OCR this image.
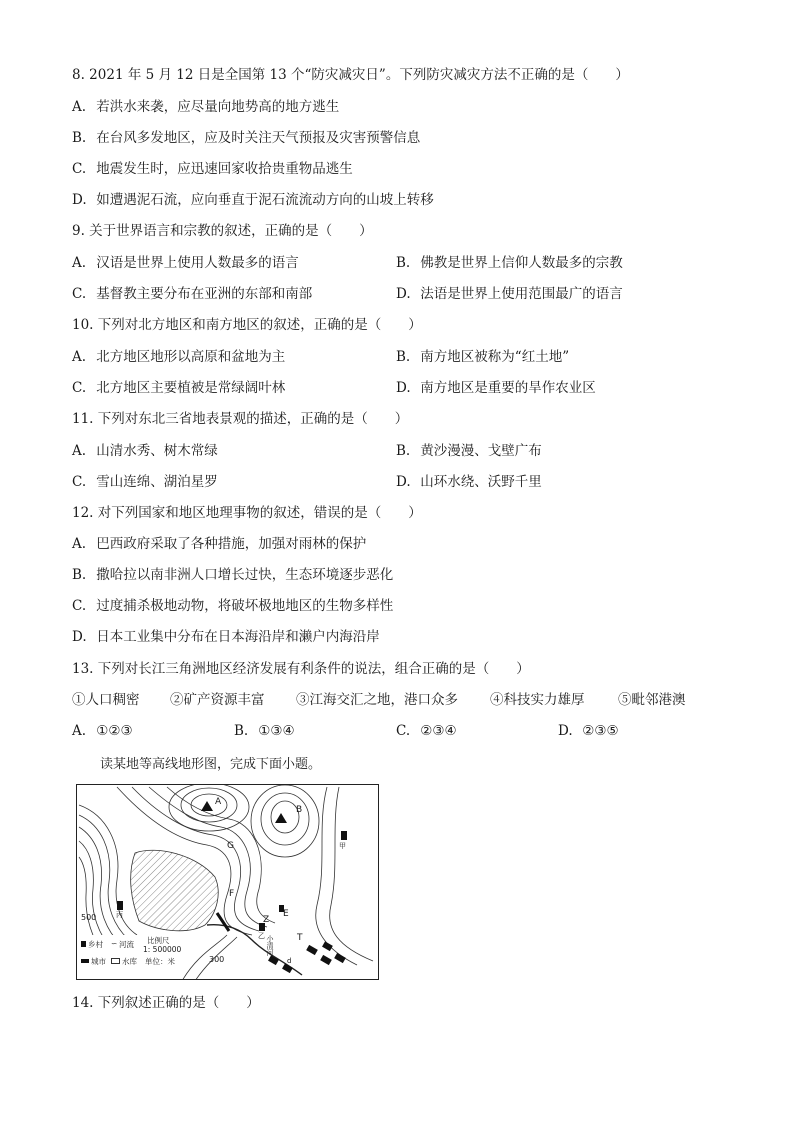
8. 2021 年 5 月 12 日是全国第 13 个“防灾减灾日”。下列防灾减灾方法不正确的是（　　）
A. 若洪水来袭，应尽量向地势高的地方逃生
B. 在台风多发地区，应及时关注天气预报及灾害预警信息
C. 地震发生时，应迅速回家收拾贵重物品逃生
D. 如遭遇泥石流，应向垂直于泥石流流动方向的山坡上转移
9. 关于世界语言和宗教的叙述，正确的是（　　）
A. 汉语是世界上使用人数最多的语言	B. 佛教是世界上信仰人数最多的宗教
C. 基督教主要分布在亚洲的东部和南部	D. 法语是世界上使用范围最广的语言
10. 下列对北方地区和南方地区的叙述，正确的是（　　）
A. 北方地区地形以高原和盆地为主	B. 南方地区被称为“红土地”
C. 北方地区主要植被是常绿阔叶林	D. 南方地区是重要的旱作农业区
11. 下列对东北三省地表景观的描述，正确的是（　　）
A. 山清水秀、树木常绿	B. 黄沙漫漫、戈壁广布
C. 雪山连绵、湖泊星罗	D. 山环水绕、沃野千里
12. 对下列国家和地区地理事物的叙述，错误的是（　　）
A. 巴西政府采取了各种措施，加强对雨林的保护
B. 撒哈拉以南非洲人口增长过快，生态环境逐步恶化
C. 过度捕杀极地动物，将破坏极地地区的生物多样性
D. 日本工业集中分布在日本海沿岸和濑户内海沿岸
13. 下列对长江三角洲地区经济发展有利条件的说法，组合正确的是（　　）
①人口稠密 ②矿产资源丰富 ③江海交汇之地，港口众多 ④科技实力雄厚 ⑤毗邻港澳
A. ①②③	B. ①③④	C. ②③④	D. ②③⑤
读某地等高线地形图，完成下面小题。
A
B
G
F
E
Z
T
甲
丙
乙
500
300
小清河
d
乡村 ∽ 河流 比例尺
1: 500000
城市 水库 单位：米
14. 下列叙述正确的是（　　）
